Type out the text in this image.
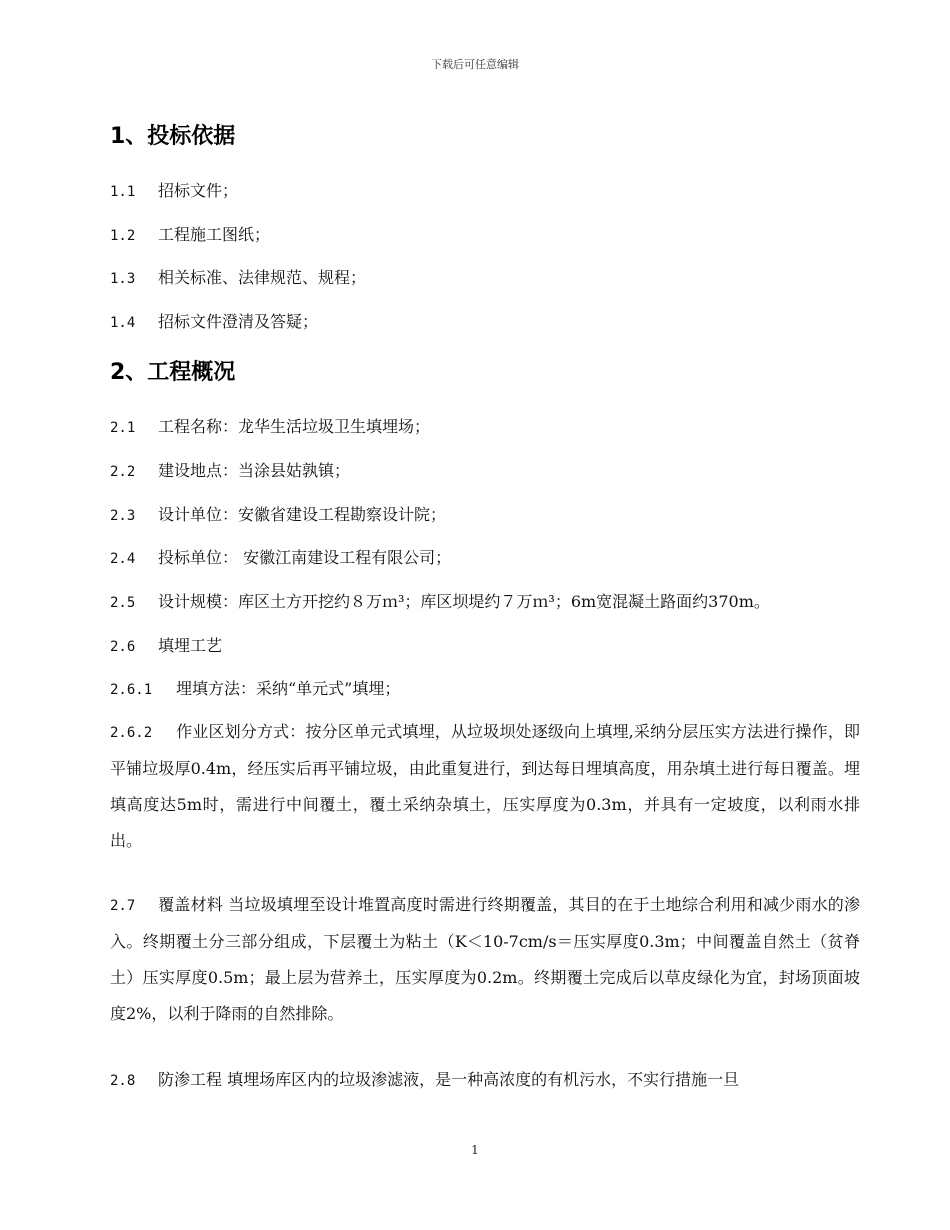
下载后可任意编辑
1、投标依据
1.1 招标文件；
1.2 工程施工图纸；
1.3 相关标准、法律规范、规程；
1.4 招标文件澄清及答疑；
2、工程概况
2.1 工程名称：龙华生活垃圾卫生填埋场；
2.2 建设地点：当涂县姑孰镇；
2.3 设计单位：安徽省建设工程勘察设计院；
2.4 投标单位： 安徽江南建设工程有限公司；
2.5 设计规模：库区土方开挖约８万ｍ³；库区坝堤约７万ｍ³；6m宽混凝土路面约370m。
2.6 填埋工艺
2.6.1 埋填方法：采纳“单元式”填埋；
2.6.2 作业区划分方式：按分区单元式填埋，从垃圾坝处逐级向上填埋,采纳分层压实方法进行操作，即平铺垃圾厚0.4m，经压实后再平铺垃圾，由此重复进行，到达每日埋填高度，用杂填土进行每日覆盖。埋填高度达5m时，需进行中间覆土，覆土采纳杂填土，压实厚度为0.3m，并具有一定坡度，以利雨水排出。
2.7 覆盖材料 当垃圾填埋至设计堆置高度时需进行终期覆盖，其目的在于土地综合利用和减少雨水的渗入。终期覆土分三部分组成，下层覆土为粘土（K＜10-7cm/s＝压实厚度0.3m；中间覆盖自然土（贫脊土）压实厚度0.5m；最上层为营养土，压实厚度为0.2m。终期覆土完成后以草皮绿化为宜，封场顶面坡度2%，以利于降雨的自然排除。
2.8 防渗工程 填埋场库区内的垃圾渗滤液，是一种高浓度的有机污水，不实行措施一旦
1
